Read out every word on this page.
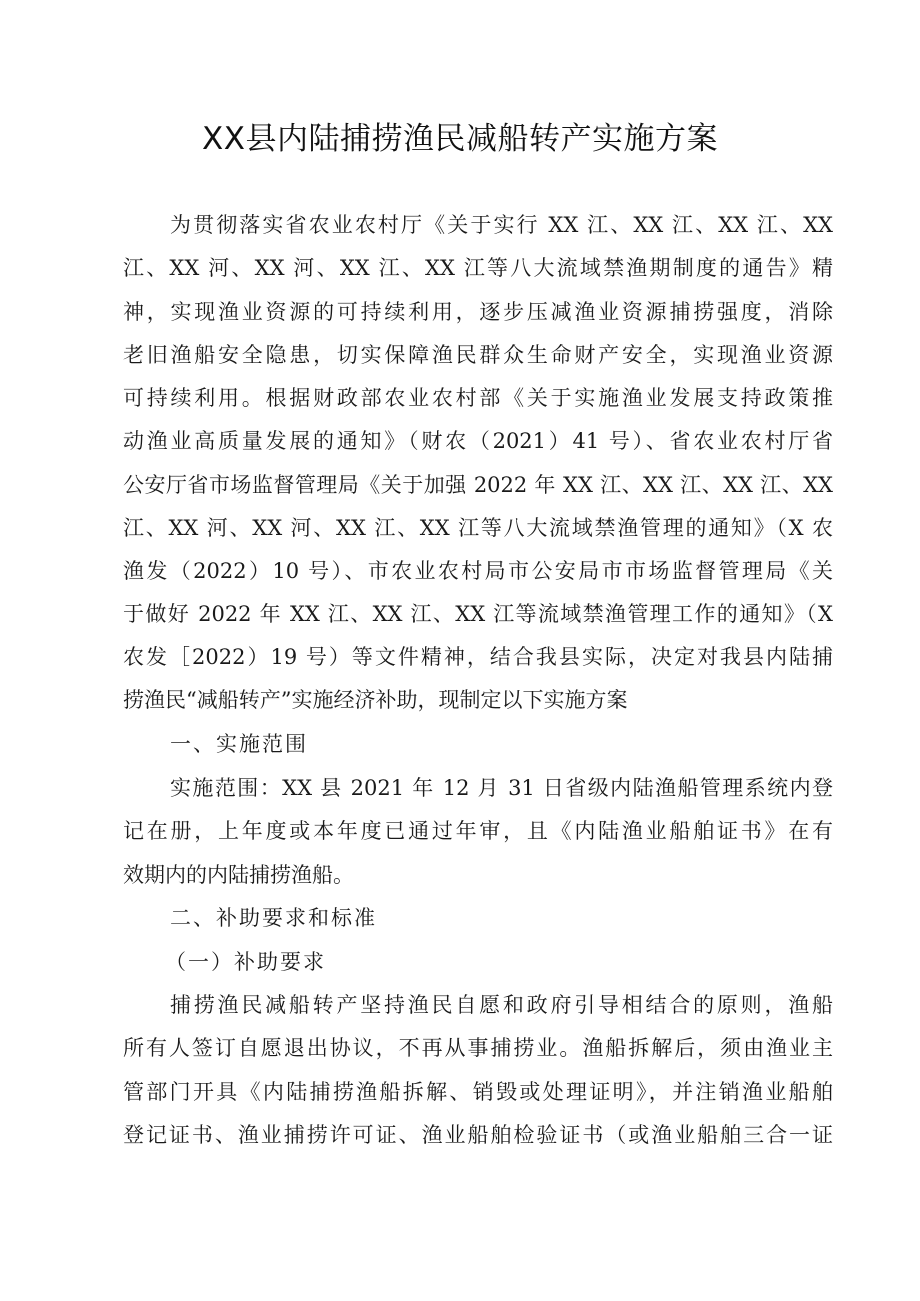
XX县内陆捕捞渔民减船转产实施方案
为贯彻落实省农业农村厅《关于实行 XX 江、XX 江、XX 江、XX
江、XX 河、XX 河、XX 江、XX 江等八大流域禁渔期制度的通告》精
神，实现渔业资源的可持续利用，逐步压减渔业资源捕捞强度，消除
老旧渔船安全隐患，切实保障渔民群众生命财产安全，实现渔业资源
可持续利用。根据财政部农业农村部《关于实施渔业发展支持政策推
动渔业高质量发展的通知》（财农（2021）41 号）、省农业农村厅省
公安厅省市场监督管理局《关于加强 2022 年 XX 江、XX 江、XX 江、XX
江、XX 河、XX 河、XX 江、XX 江等八大流域禁渔管理的通知》（X 农
渔发（2022）10 号）、市农业农村局市公安局市市场监督管理局《关
于做好 2022 年 XX 江、XX 江、XX 江等流域禁渔管理工作的通知》（X
农发［2022）19 号）等文件精神，结合我县实际，决定对我县内陆捕
捞渔民“减船转产”实施经济补助，现制定以下实施方案
一、实施范围
实施范围：XX 县 2021 年 12 月 31 日省级内陆渔船管理系统内登
记在册，上年度或本年度已通过年审，且《内陆渔业船舶证书》在有
效期内的内陆捕捞渔船。
二、补助要求和标准
（一）补助要求
捕捞渔民减船转产坚持渔民自愿和政府引导相结合的原则，渔船
所有人签订自愿退出协议，不再从事捕捞业。渔船拆解后，须由渔业主
管部门开具《内陆捕捞渔船拆解、销毁或处理证明》，并注销渔业船舶
登记证书、渔业捕捞许可证、渔业船舶检验证书（或渔业船舶三合一证
